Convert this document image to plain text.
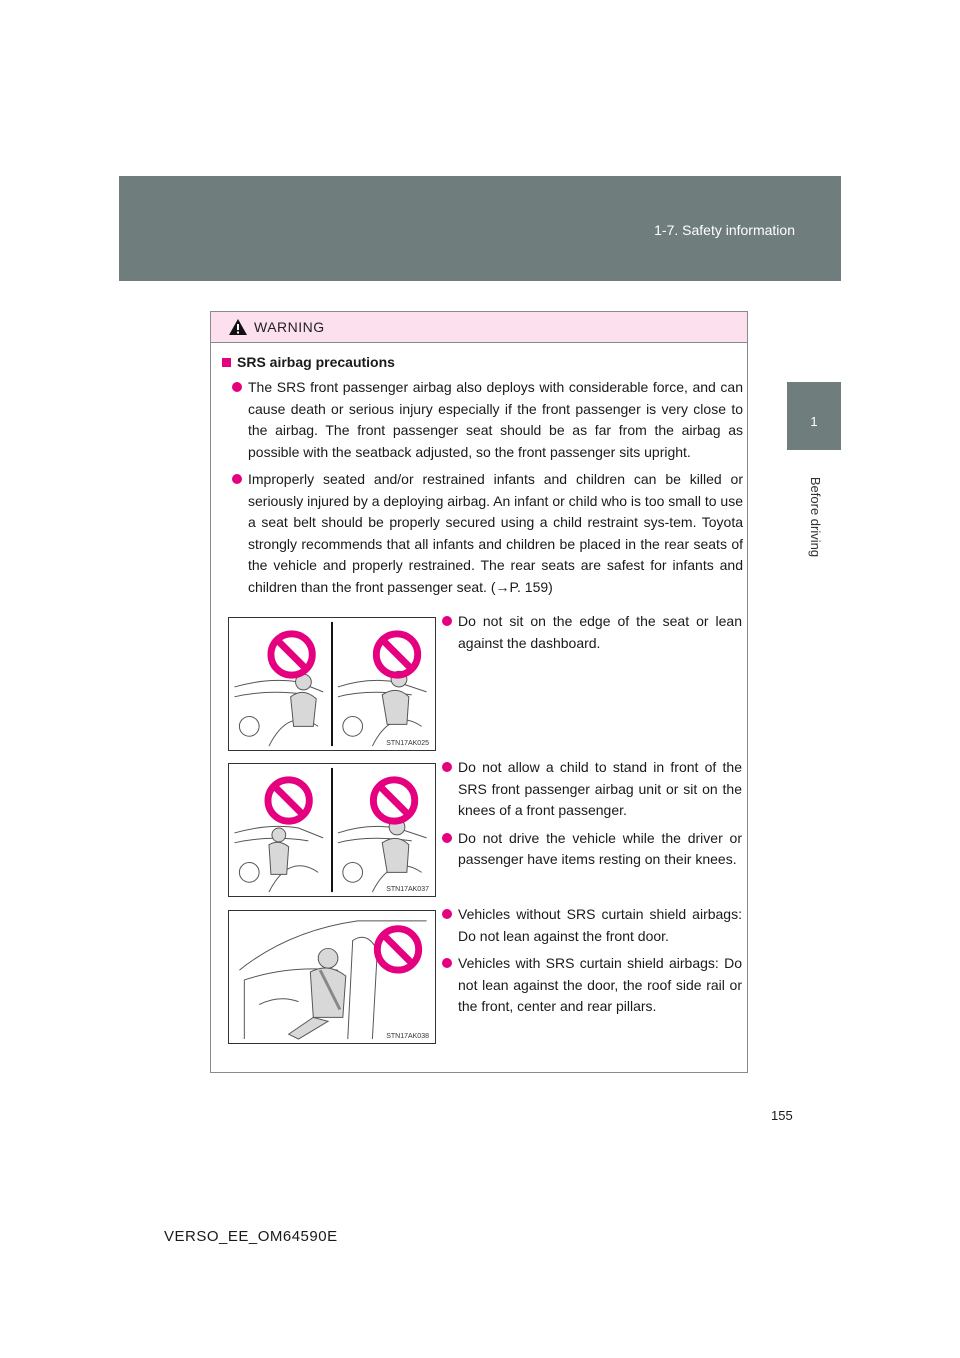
1-7. Safety information
1
Before driving
WARNING
SRS airbag precautions
The SRS front passenger airbag also deploys with considerable force, and can cause death or serious injury especially if the front passenger is very close to the airbag. The front passenger seat should be as far from the airbag as possible with the seatback adjusted, so the front passenger sits upright.
Improperly seated and/or restrained infants and children can be killed or seriously injured by a deploying airbag. An infant or child who is too small to use a seat belt should be properly secured using a child restraint sys-tem. Toyota strongly recommends that all infants and children be placed in the rear seats of the vehicle and properly restrained. The rear seats are safest for infants and children than the front passenger seat. (→P. 159)
STN17AK025
Do not sit on the edge of the seat or lean against the dashboard.
STN17AK037
Do not allow a child to stand in front of the SRS front passenger airbag unit or sit on the knees of a front passenger.
Do not drive the vehicle while the driver or passenger have items resting on their knees.
STN17AK038
Vehicles without SRS curtain shield airbags: Do not lean against the front door.
Vehicles with SRS curtain shield airbags: Do not lean against the door, the roof side rail or the front, center and rear pillars.
155
VERSO_EE_OM64590E
